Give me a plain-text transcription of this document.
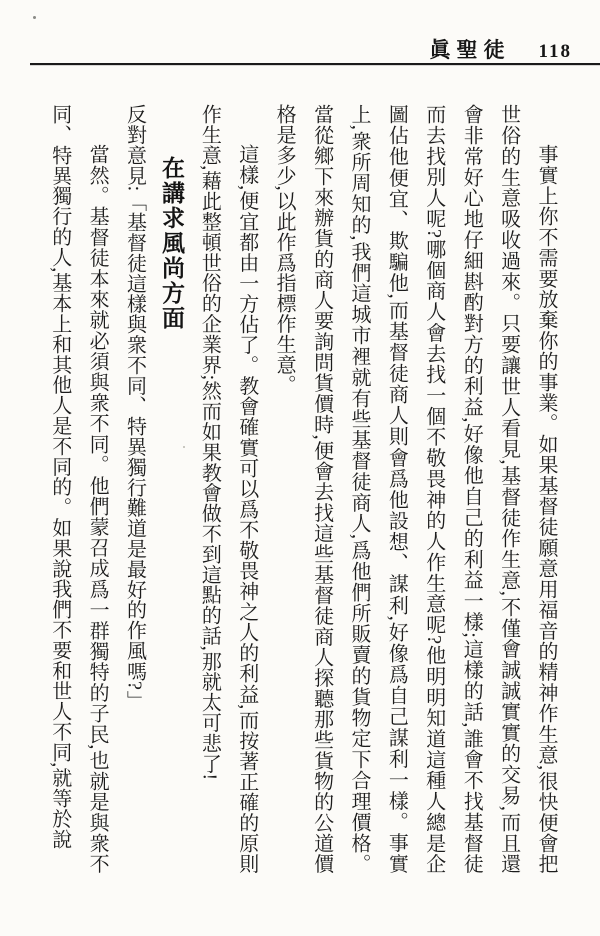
眞聖徒 118

事實上你不需要放棄你的事業。如果基督徒願意用福音的精神作生意,很快便會把世俗的生意吸收過來。只要讓世人看見,基督徒作生意,不僅會誠誠實實的交易,而且還會非常好心地仔細斟酌對方的利益,好像他自己的利益一樣;這樣的話,誰會不找基督徒而去找別人呢?哪個商人會去找一個不敬畏神的人作生意呢?他明明知道這種人總是企圖佔他便宜、欺騙他,而基督徒商人則會爲他設想、謀利,好像爲自己謀利一樣。事實上,衆所周知的,我們這城市裡就有些基督徒商人,爲他們所販賣的貨物定下合理價格。當從鄉下來辦貨的商人要詢問貨價時,便會去找這些基督徒商人探聽那些貨物的公道價格是多少,以此作爲指標作生意。

這樣,便宜都由一方佔了。教會確實可以爲不敬畏神之人的利益,而按著正確的原則作生意,藉此整頓世俗的企業界;然而如果教會做不到這點的話,那就太可悲了!

在講求風尚方面

反對意見:「基督徒這樣與衆不同、特異獨行難道是最好的作風嗎?」

當然。基督徒本來就必須與衆不同。他們蒙召成爲一群獨特的子民,也就是與衆不同、特異獨行的人,基本上和其他人是不同的。如果說我們不要和世人不同,就等於說
